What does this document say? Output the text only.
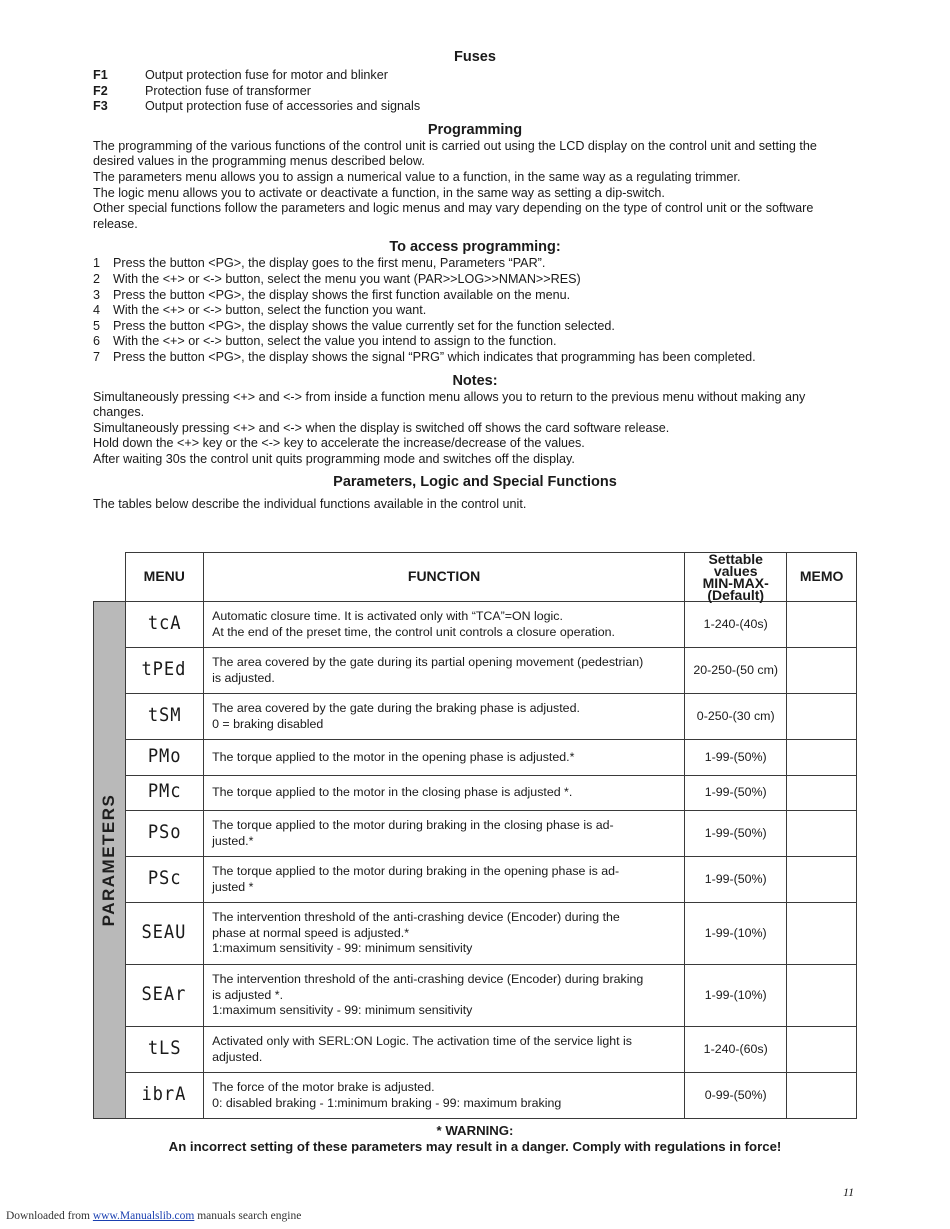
Fuses
F1	Output protection fuse for motor and blinker
F2	Protection fuse of transformer
F3	Output protection fuse of accessories and signals
Programming

The programming of the various functions of the control unit is carried out using the LCD display on the control unit and setting the desired values in the programming menus described below.

The parameters menu allows you to assign a numerical value to a function, in the same way as a regulating trimmer.

The logic menu allows you to activate or deactivate a function, in the same way as setting a dip-switch.

Other special functions follow the parameters and logic menus and may vary depending on the type of control unit or the software release.

To access programming:
1	Press the button <PG>, the display goes to the first menu, Parameters “PAR”.
2	With the <+> or <-> button, select the menu you want (PAR>>LOG>>NMAN>>RES)
3	Press the button <PG>, the display shows the first function available on the menu.
4	With the <+> or <-> button, select the function you want.
5	Press the button <PG>, the display shows the value currently set for the function selected.
6	With the <+> or <-> button, select the value you intend to assign to the function.
7	Press the button <PG>, the display shows the signal “PRG” which indicates that programming has been completed.
Notes:

Simultaneously pressing <+> and <-> from inside a function menu allows you to return to the previous menu without making any changes.

Simultaneously pressing <+> and <-> when the display is switched off shows the card software release.

Hold down the <+> key or the <-> key to accelerate the increase/decrease of the values.

After waiting 30s the control unit quits programming mode and switches off the display.

Parameters, Logic and Special Functions

The tables below describe the individual functions available in the control unit.

	MENU	FUNCTION	Settable values
MIN-MAX-(Default)	MEMO

PARAMETERS	tcA	Automatic closure time. It is activated only with “TCA”=ON logic.
At the end of the preset time, the control unit controls a closure operation.	1-240-(40s)	
	tPEd	The area covered by the gate during its partial opening movement (pedestrian)
is adjusted.	20-250-(50 cm)	
	tSM	The area covered by the gate during the braking phase is adjusted.
0 = braking disabled	0-250-(30 cm)	
	PMo	The torque applied to the motor in the opening phase is adjusted.*	1-99-(50%)	
	PMc	The torque applied to the motor in the closing phase is adjusted *.	1-99-(50%)	
	PSo	The torque applied to the motor during braking in the closing phase is ad-
justed.*	1-99-(50%)	
	PSc	The torque applied to the motor during braking in the opening phase is ad-
justed *	1-99-(50%)	
	SEAU	The intervention threshold of the anti-crashing device (Encoder) during the
phase at normal speed is adjusted.*
1:maximum sensitivity - 99: minimum sensitivity	1-99-(10%)	
	SEAr	The intervention threshold of the anti-crashing device (Encoder) during braking
is adjusted *.
1:maximum sensitivity - 99: minimum sensitivity	1-99-(10%)	
	tLS	Activated only with SERL:ON Logic. The activation time of the service light is
adjusted.	1-240-(60s)	
	ibrA	The force of the motor brake is adjusted.
0: disabled braking - 1:minimum braking - 99: maximum braking	0-99-(50%)	
* WARNING:
An incorrect setting of these parameters may result in a danger. Comply with regulations in force!
11
Downloaded from www.Manualslib.com manuals search engine
